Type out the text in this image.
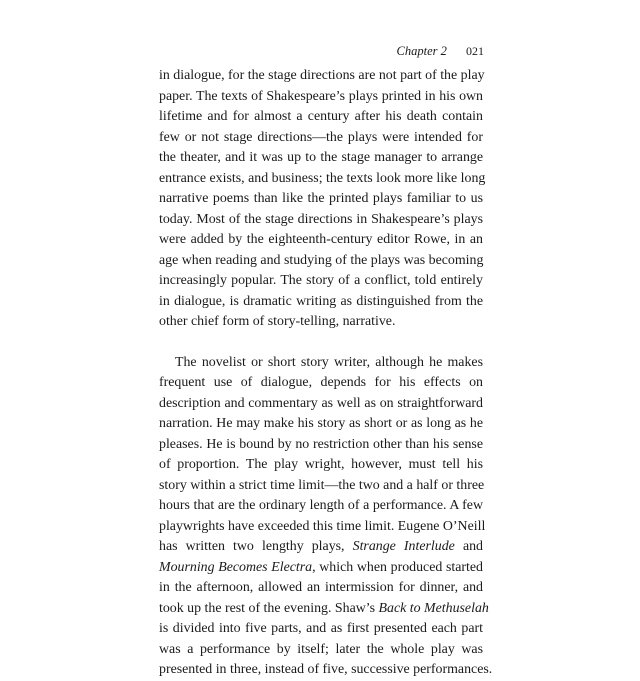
Chapter 2 021
in dialogue, for the stage directions are not part of the play
paper. The texts of Shakespeare’s plays printed in his own
lifetime and for almost a century after his death contain
few or not stage directions—the plays were intended for
the theater, and it was up to the stage manager to arrange
entrance exists, and business; the texts look more like long
narrative poems than like the printed plays familiar to us
today. Most of the stage directions in Shakespeare’s plays
were added by the eighteenth-century editor Rowe, in an
age when reading and studying of the plays was becoming
increasingly popular. The story of a conflict, told entirely
in dialogue, is dramatic writing as distinguished from the
other chief form of story-telling, narrative.
The novelist or short story writer, although he makes
frequent use of dialogue, depends for his effects on
description and commentary as well as on straightforward
narration. He may make his story as short or as long as he
pleases. He is bound by no restriction other than his sense
of proportion. The play wright, however, must tell his
story within a strict time limit—the two and a half or three
hours that are the ordinary length of a performance. A few
playwrights have exceeded this time limit. Eugene O’Neill
has written two lengthy plays, Strange Interlude and
Mourning Becomes Electra, which when produced started
in the afternoon, allowed an intermission for dinner, and
took up the rest of the evening. Shaw’s Back to Methuselah
is divided into five parts, and as first presented each part
was a performance by itself; later the whole play was
presented in three, instead of five, successive performances.
